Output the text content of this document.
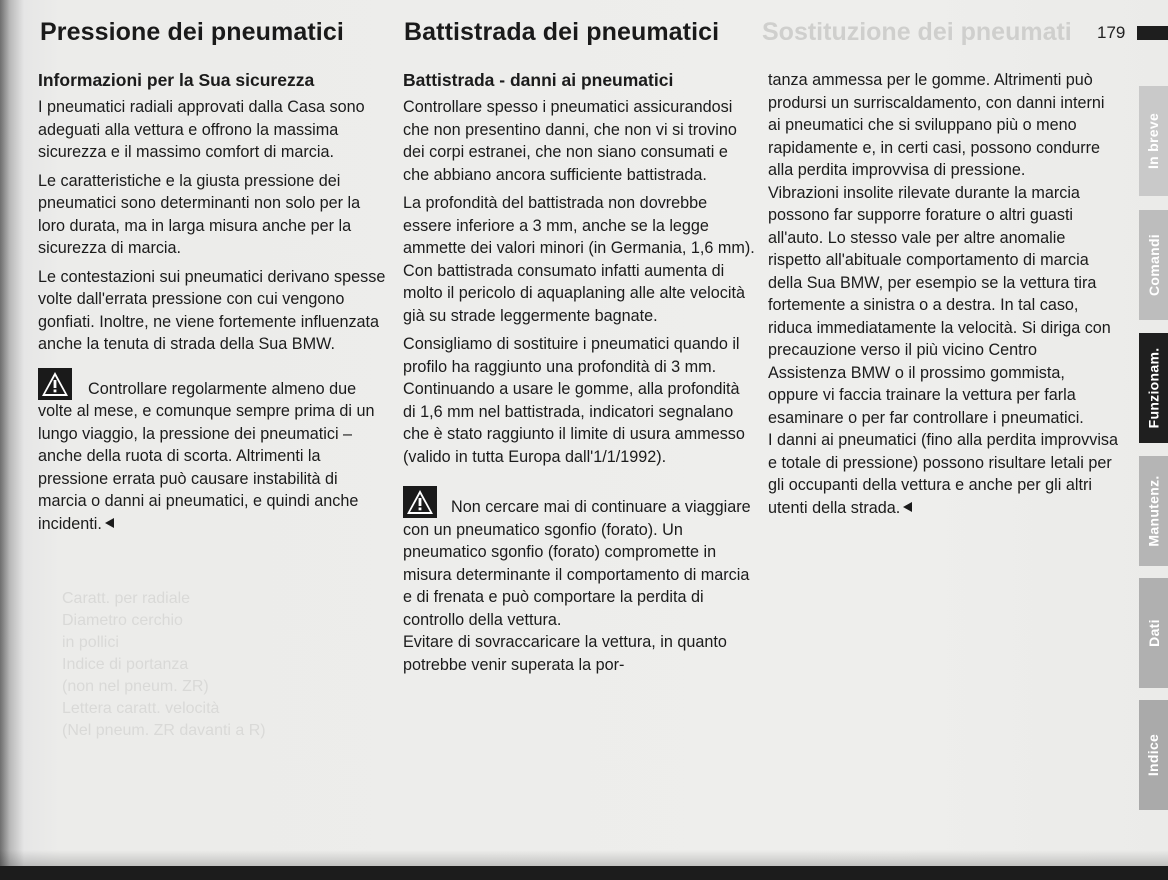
Caratt. per radiale
Diametro cerchio
in pollici
Indice di portanza
(non nel pneum. ZR)
Lettera caratt. velocità
(Nel pneum. ZR davanti a R)
Pressione dei pneumatici Battistrada dei pneumatici Sostituzione dei pneumati 179

Informazioni per la Sua sicurezza

I pneumatici radiali approvati dalla Casa sono adeguati alla vettura e offrono la massima sicurezza e il massimo comfort di marcia.

Le caratteristiche e la giusta pressione dei pneumatici sono determinanti non solo per la loro durata, ma in larga misura anche per la sicurezza di marcia.

Le contestazioni sui pneumatici derivano spesse volte dall'errata pressione con cui vengono gonfiati. Inoltre, ne viene fortemente influenzata anche la tenuta di strada della Sua BMW.

Controllare regolarmente almeno due volte al mese, e comunque sempre prima di un lungo viaggio, la pressione dei pneumatici – anche della ruota di scorta. Altrimenti la pressione errata può causare instabilità di marcia o danni ai pneumatici, e quindi anche incidenti.

Battistrada - danni ai pneumatici

Controllare spesso i pneumatici assicurandosi che non presentino danni, che non vi si trovino dei corpi estranei, che non siano consumati e che abbiano ancora sufficiente battistrada.

La profondità del battistrada non dovrebbe essere inferiore a 3 mm, anche se la legge ammette dei valori minori (in Germania, 1,6 mm). Con battistrada consumato infatti aumenta di molto il pericolo di aquaplaning alle alte velocità già su strade leggermente bagnate.

Consigliamo di sostituire i pneumatici quando il profilo ha raggiunto una profondità di 3 mm. Continuando a usare le gomme, alla profondità di 1,6 mm nel battistrada, indicatori segnalano che è stato raggiunto il limite di usura ammesso (valido in tutta Europa dall'1/1/1992).

Non cercare mai di continuare a viaggiare con un pneumatico sgonfio (forato). Un pneumatico sgonfio (forato) compromette in misura determinante il comportamento di marcia e di frenata e può comportare la perdita di controllo della vettura.

Evitare di sovraccaricare la vettura, in quanto potrebbe venir superata la por-

tanza ammessa per le gomme. Altrimenti può prodursi un surriscaldamento, con danni interni ai pneumatici che si sviluppano più o meno rapidamente e, in certi casi, possono condurre alla perdita improvvisa di pressione.

Vibrazioni insolite rilevate durante la marcia possono far supporre forature o altri guasti all'auto. Lo stesso vale per altre anomalie rispetto all'abituale comportamento di marcia della Sua BMW, per esempio se la vettura tira fortemente a sinistra o a destra. In tal caso, riduca immediatamente la velocità. Si diriga con precauzione verso il più vicino Centro Assistenza BMW o il prossimo gommista, oppure vi faccia trainare la vettura per farla esaminare o per far controllare i pneumatici.

I danni ai pneumatici (fino alla perdita improvvisa e totale di pressione) possono risultare letali per gli occupanti della vettura e anche per gli altri utenti della strada.

In breve
Comandi
Funzionam.
Manutenz.
Dati
Indice
